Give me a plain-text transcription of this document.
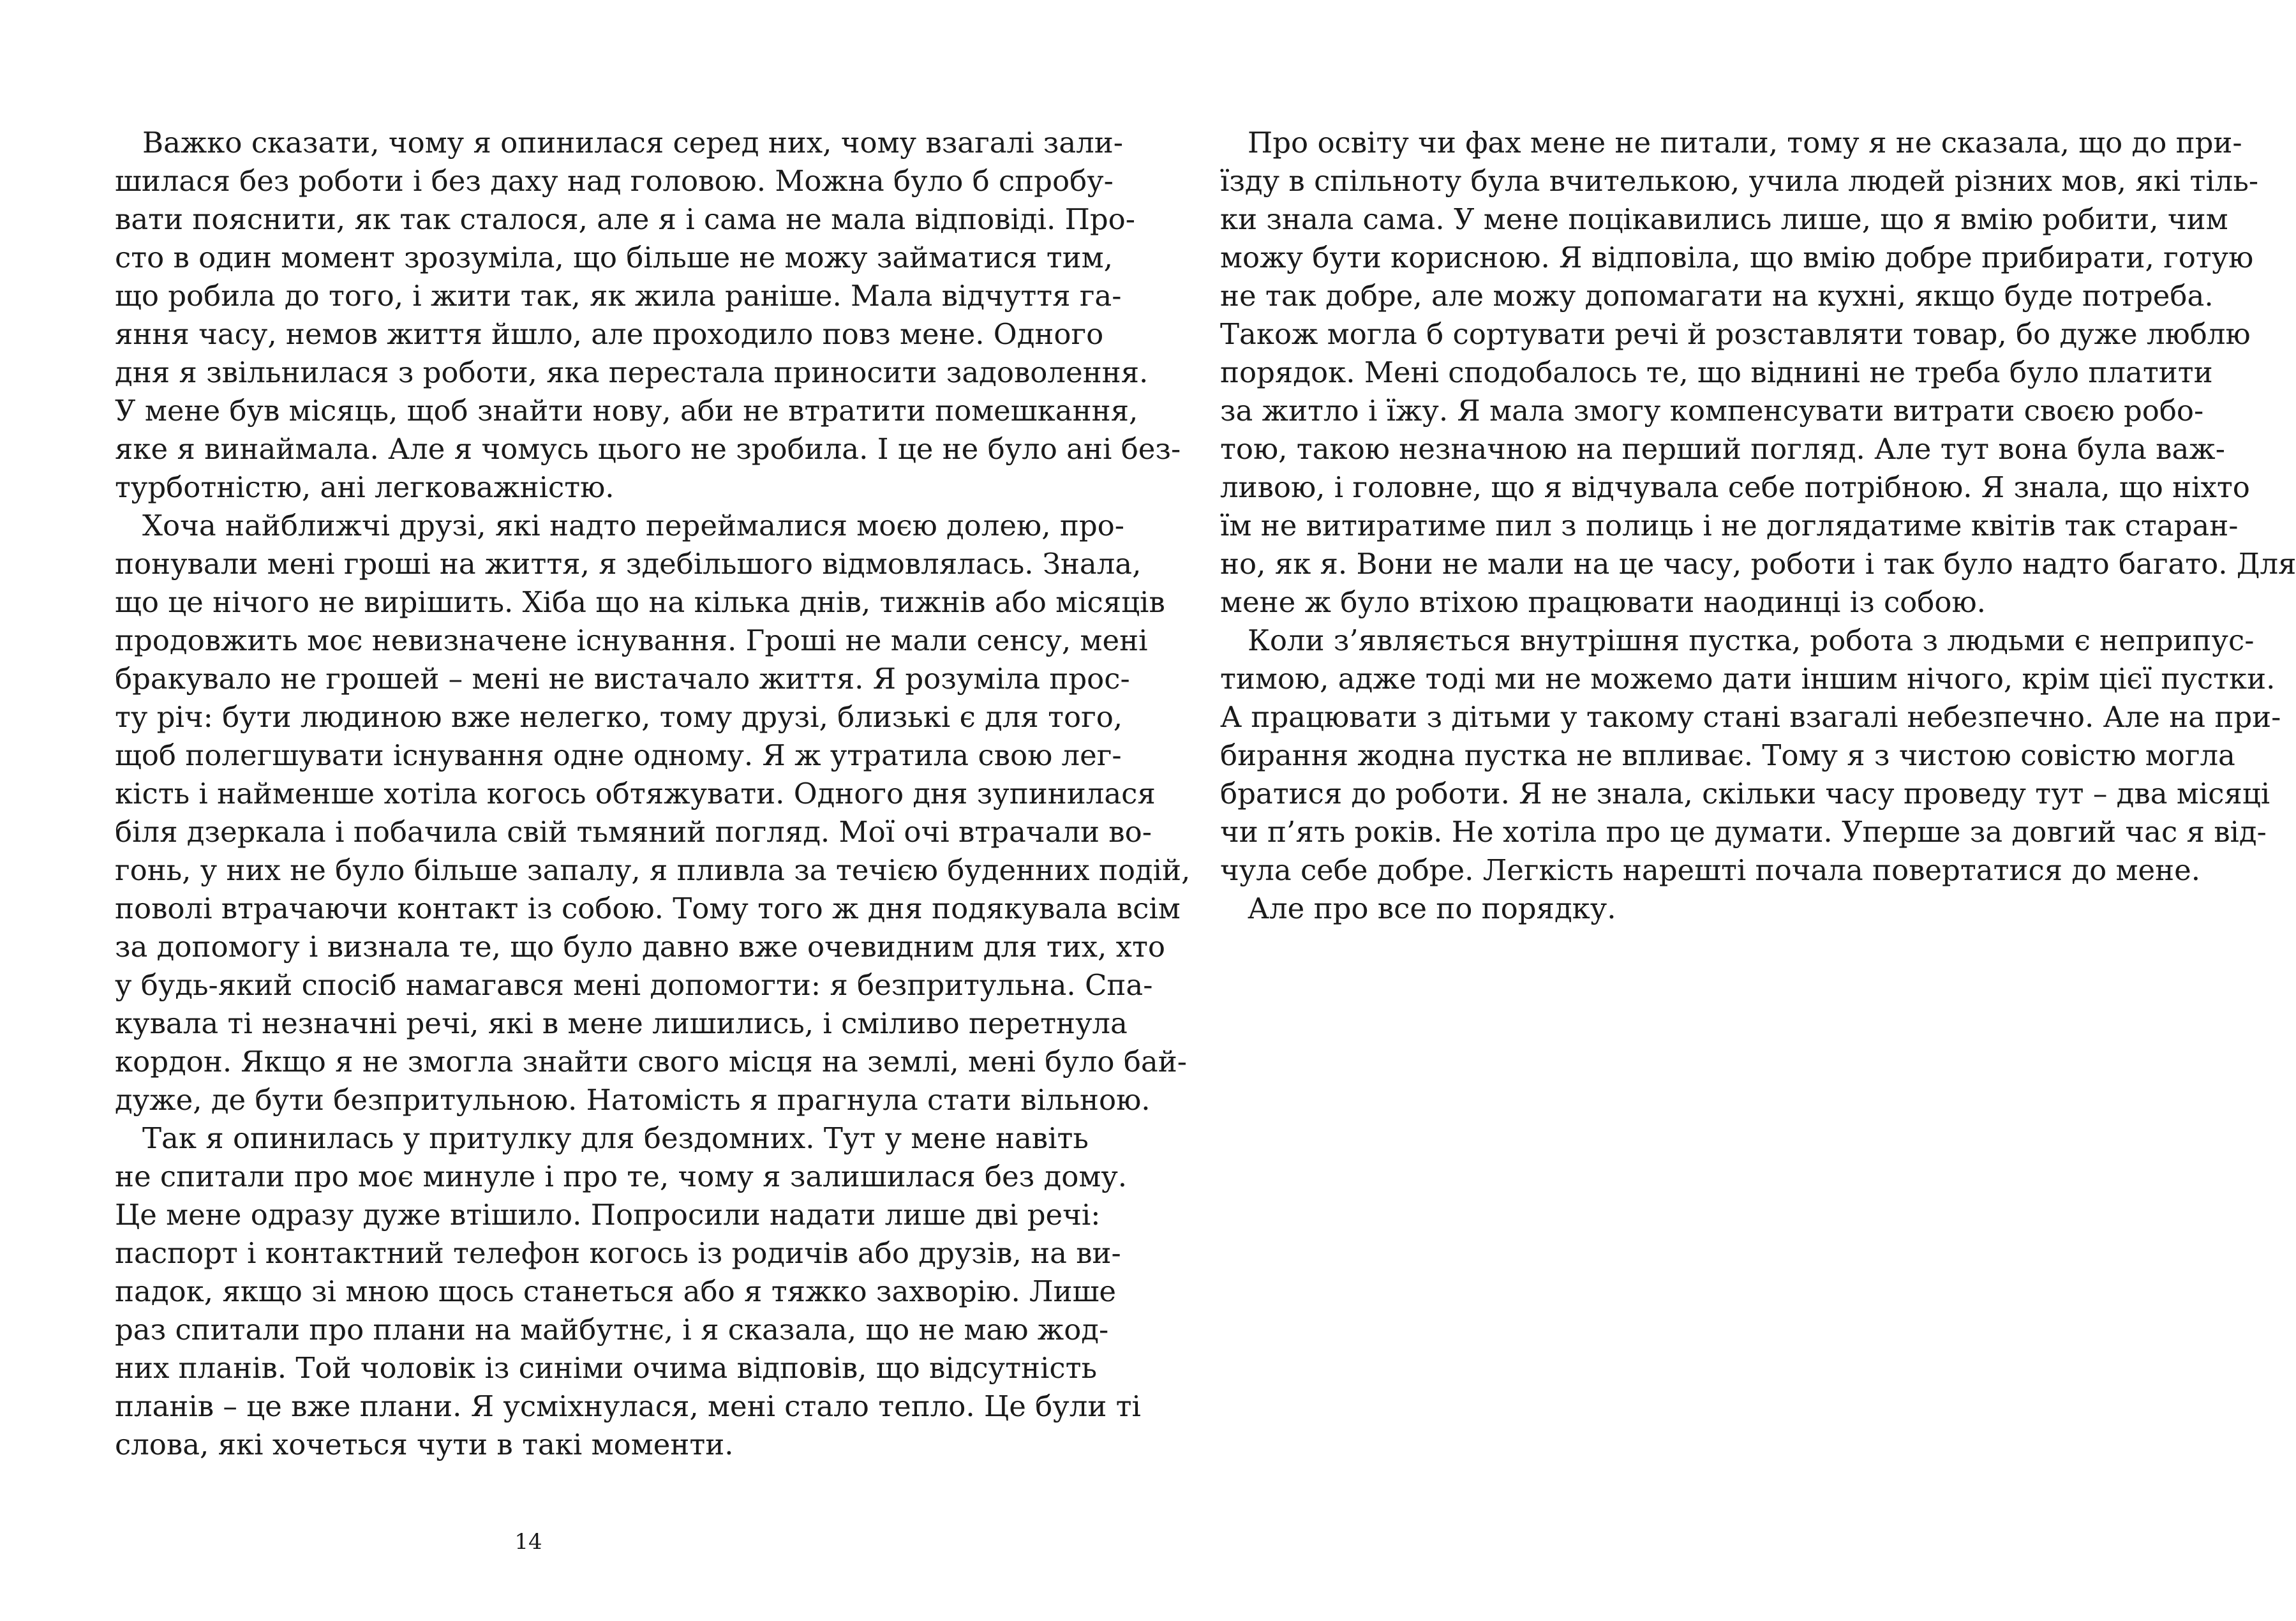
Важко сказати, чому я опинилася серед них, чому взагалі зали-
шилася без роботи і без даху над головою. Можна було б спробу-
вати пояснити, як так сталося, але я і сама не мала відповіді. Про-
сто в один момент зрозуміла, що більше не можу займатися тим,
що робила до того, і жити так, як жила раніше. Мала відчуття га-
яння часу, немов життя йшло, але проходило повз мене. Одного
дня я звільнилася з роботи, яка перестала приносити задоволення.
У мене був місяць, щоб знайти нову, аби не втратити помешкання,
яке я винаймала. Але я чомусь цього не зробила. І це не було ані без-
турботністю, ані легковажністю.

Хоча найближчі друзі, які надто переймалися моєю долею, про-
понували мені гроші на життя, я здебільшого відмовлялась. Знала,
що це нічого не вирішить. Хіба що на кілька днів, тижнів або місяців
продовжить моє невизначене існування. Гроші не мали сенсу, мені
бракувало не грошей – мені не вистачало життя. Я розуміла прос-
ту річ: бути людиною вже нелегко, тому друзі, близькі є для того,
щоб полегшувати існування одне одному. Я ж утратила свою лег-
кість і найменше хотіла когось обтяжувати. Одного дня зупинилася
біля дзеркала і побачила свій тьмяний погляд. Мої очі втрачали во-
гонь, у них не було більше запалу, я пливла за течією буденних подій,
поволі втрачаючи контакт із собою. Тому того ж дня подякувала всім
за допомогу і визнала те, що було давно вже очевидним для тих, хто
у будь-який спосіб намагався мені допомогти: я безпритульна. Спа-
кувала ті незначні речі, які в мене лишились, і сміливо перетнула
кордон. Якщо я не змогла знайти свого місця на землі, мені було бай-
дуже, де бути безпритульною. Натомість я прагнула стати вільною.

Так я опинилась у притулку для бездомних. Тут у мене навіть
не спитали про моє минуле і про те, чому я залишилася без дому.
Це мене одразу дуже втішило. Попросили надати лише дві речі:
паспорт і контактний телефон когось із родичів або друзів, на ви-
падок, якщо зі мною щось станеться або я тяжко захворію. Лише
раз спитали про плани на майбутнє, і я сказала, що не маю жод-
них планів. Той чоловік із синіми очима відповів, що відсутність
планів – це вже плани. Я усміхнулася, мені стало тепло. Це були ті
слова, які хочеться чути в такі моменти.

14

Про освіту чи фах мене не питали, тому я не сказала, що до при-
їзду в спільноту була вчителькою, учила людей різних мов, які тіль-
ки знала сама. У мене поцікавились лише, що я вмію робити, чим
можу бути корисною. Я відповіла, що вмію добре прибирати, готую
не так добре, але можу допомагати на кухні, якщо буде потреба.
Також могла б сортувати речі й розставляти товар, бо дуже люблю
порядок. Мені сподобалось те, що віднині не треба було платити
за житло і їжу. Я мала змогу компенсувати витрати своєю робо-
тою, такою незначною на перший погляд. Але тут вона була важ-
ливою, і головне, що я відчувала себе потрібною. Я знала, що ніхто
їм не витиратиме пил з полиць і не доглядатиме квітів так старан-
но, як я. Вони не мали на це часу, роботи і так було надто багато. Для
мене ж було втіхою працювати наодинці із собою.

Коли з’являється внутрішня пустка, робота з людьми є неприпус-
тимою, адже тоді ми не можемо дати іншим нічого, крім цієї пустки.
А працювати з дітьми у такому стані взагалі небезпечно. Але на при-
бирання жодна пустка не впливає. Тому я з чистою совістю могла
братися до роботи. Я не знала, скільки часу проведу тут – два місяці
чи п’ять років. Не хотіла про це думати. Уперше за довгий час я від-
чула себе добре. Легкість нарешті почала повертатися до мене.

Але про все по порядку.
